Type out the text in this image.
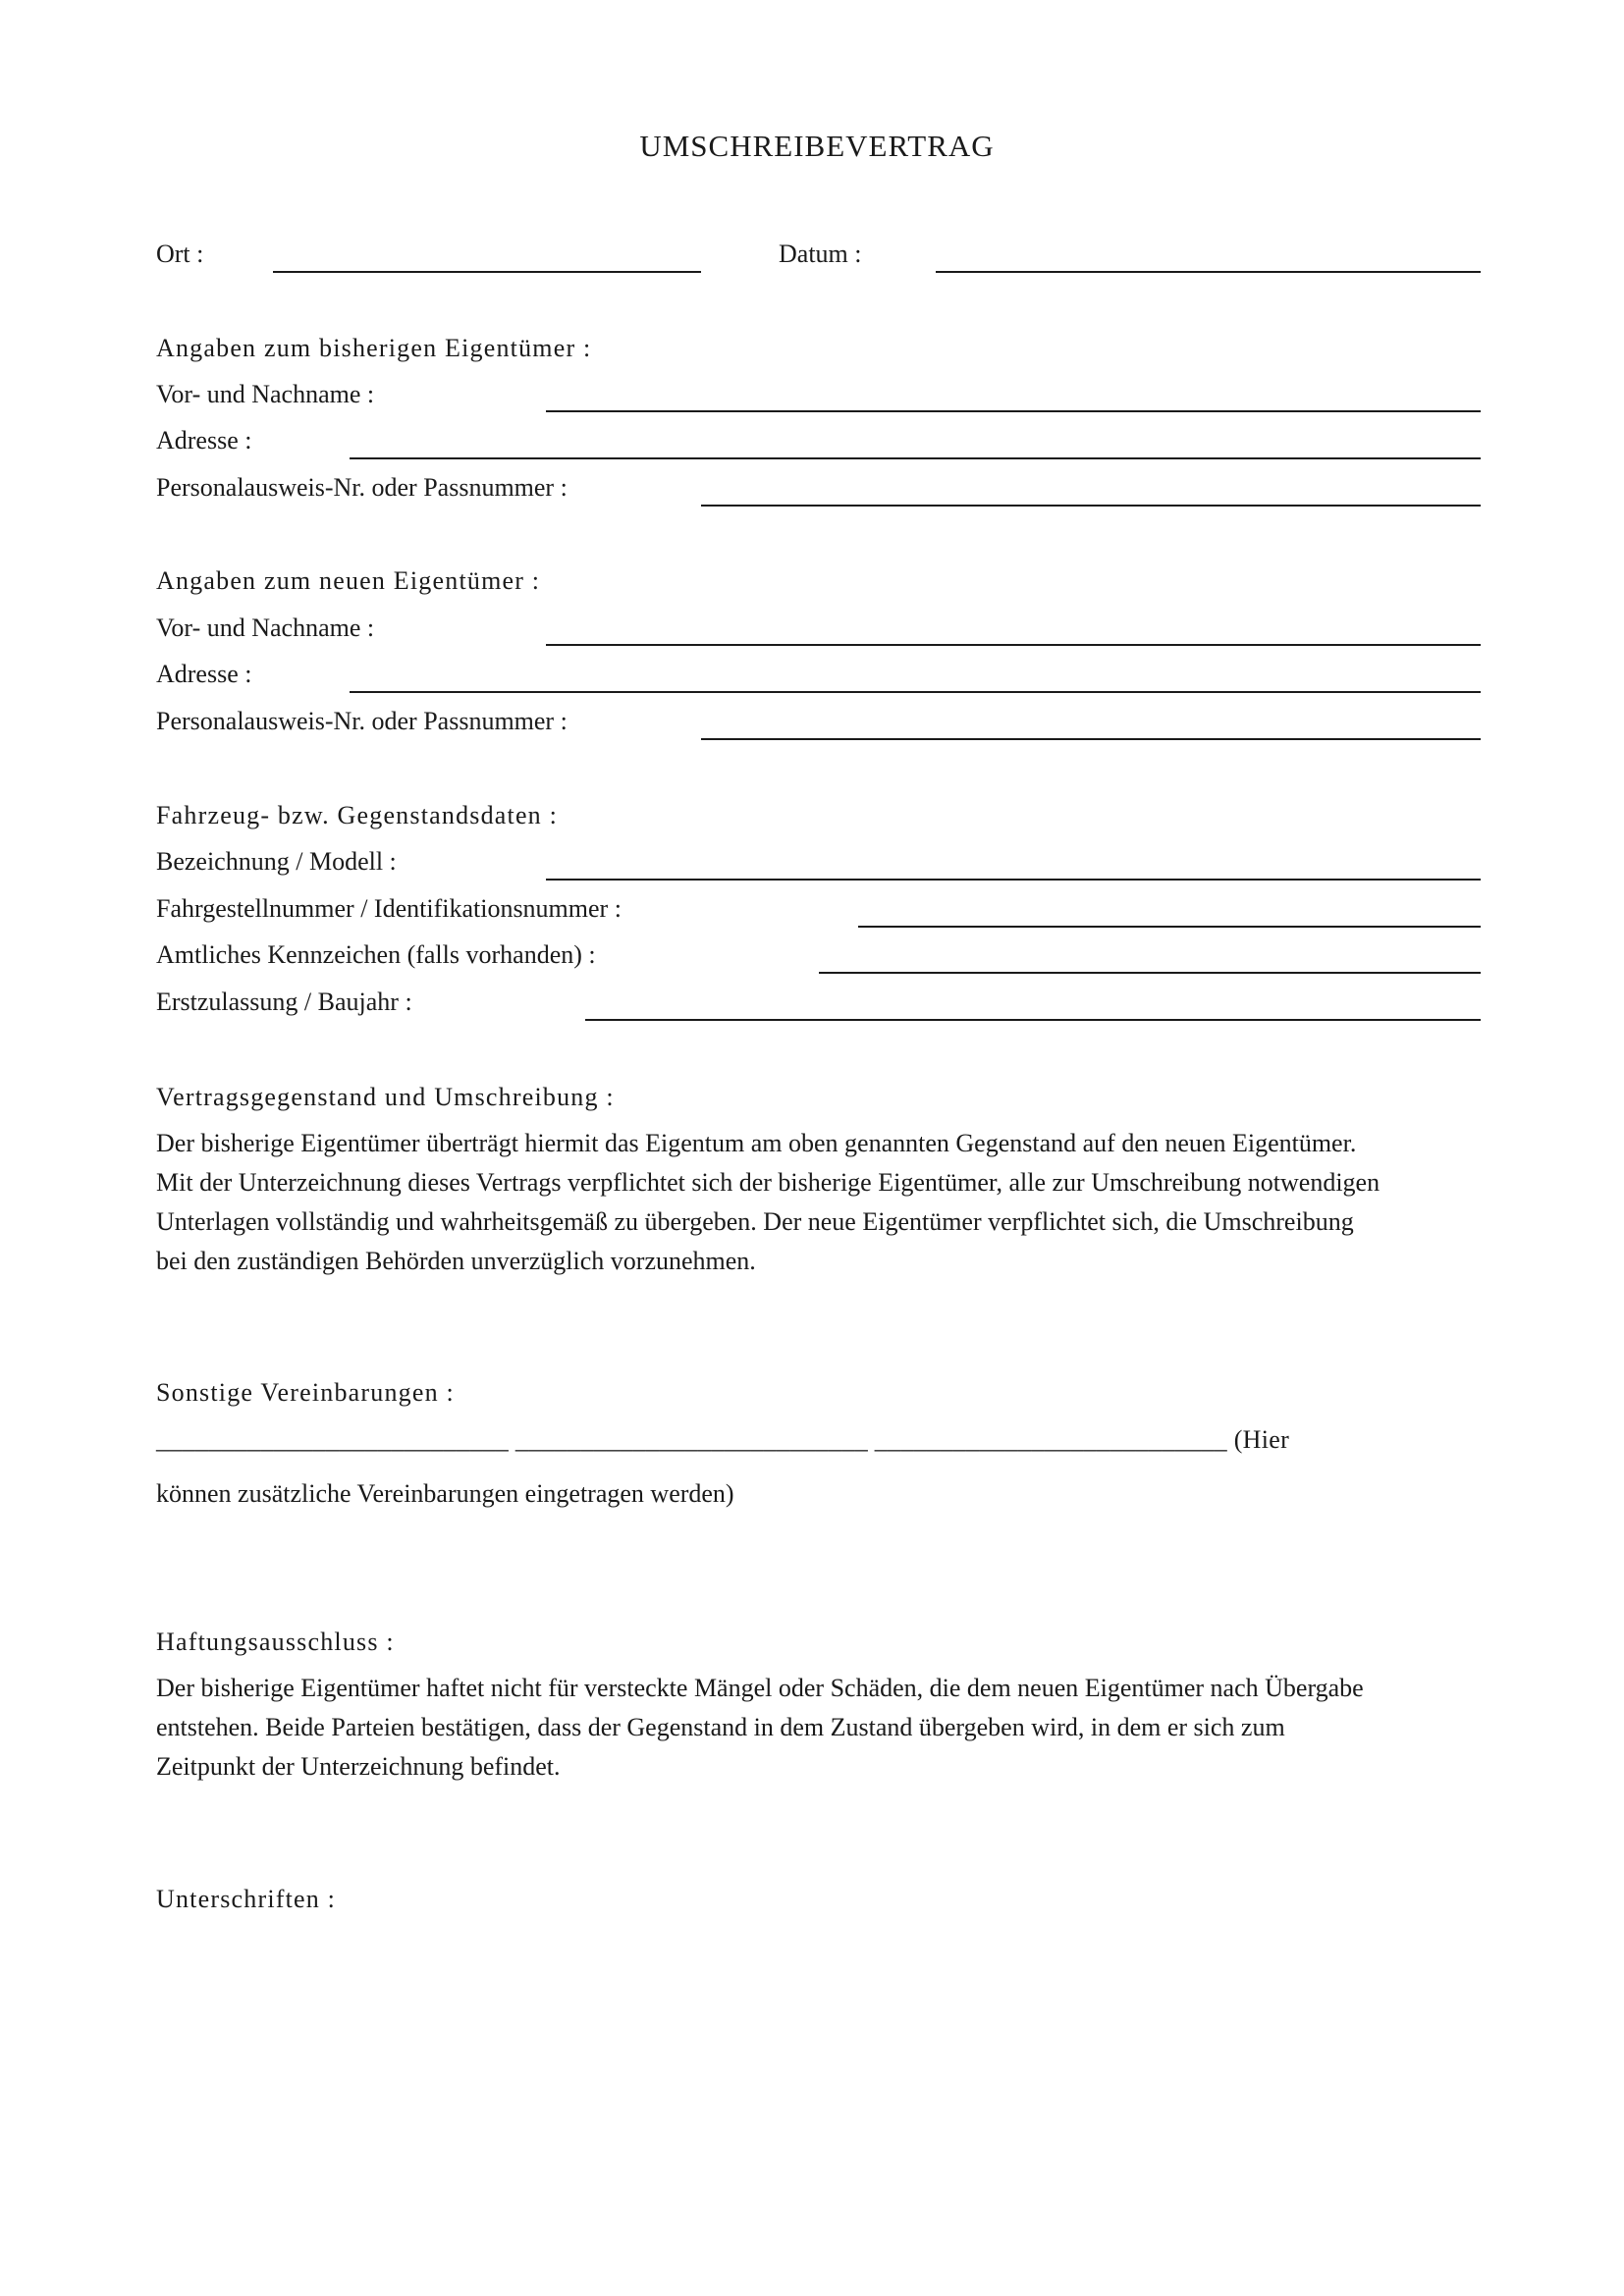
UMSCHREIBEVERTRAG
Ort :	Datum :
Angaben zum bisherigen Eigentümer :
Vor- und Nachname :
Adresse :
Personalausweis-Nr. oder Passnummer :
Angaben zum neuen Eigentümer :
Vor- und Nachname :
Adresse :
Personalausweis-Nr. oder Passnummer :
Fahrzeug- bzw. Gegenstandsdaten :
Bezeichnung / Modell :
Fahrgestellnummer / Identifikationsnummer :
Amtliches Kennzeichen (falls vorhanden) :
Erstzulassung / Baujahr :
Vertragsgegenstand und Umschreibung :
Der bisherige Eigentümer überträgt hiermit das Eigentum am oben genannten Gegenstand auf den neuen Eigentümer.
Mit der Unterzeichnung dieses Vertrags verpflichtet sich der bisherige Eigentümer, alle zur Umschreibung notwendigen
Unterlagen vollständig und wahrheitsgemäß zu übergeben. Der neue Eigentümer verpflichtet sich, die Umschreibung
bei den zuständigen Behörden unverzüglich vorzunehmen.
Sonstige Vereinbarungen :
___________________________ ___________________________ ___________________________ (Hier
können zusätzliche Vereinbarungen eingetragen werden)
Haftungsausschluss :
Der bisherige Eigentümer haftet nicht für versteckte Mängel oder Schäden, die dem neuen Eigentümer nach Übergabe
entstehen. Beide Parteien bestätigen, dass der Gegenstand in dem Zustand übergeben wird, in dem er sich zum
Zeitpunkt der Unterzeichnung befindet.
Unterschriften :
